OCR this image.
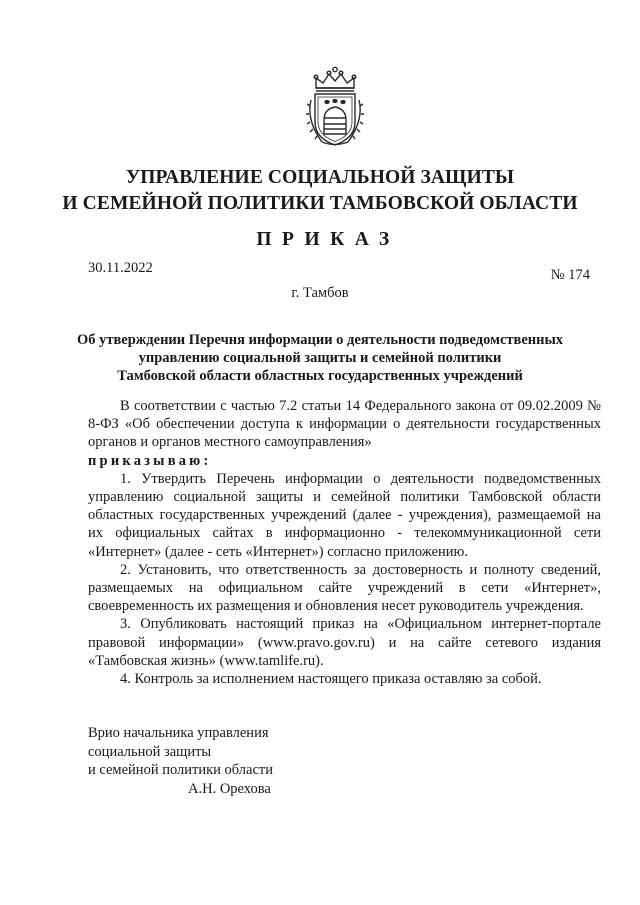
УПРАВЛЕНИЕ СОЦИАЛЬНОЙ ЗАЩИТЫ
И СЕМЕЙНОЙ ПОЛИТИКИ ТАМБОВСКОЙ ОБЛАСТИ
ПРИКАЗ
30.11.2022	№ 174
г. Тамбов
Об утверждении Перечня информации о деятельности подведомственных
управлению социальной защиты и семейной политики
Тамбовской области областных государственных учреждений

В соответствии с частью 7.2 статьи 14 Федерального закона от 09.02.2009 № 8-ФЗ «Об обеспечении доступа к информации о деятельности государственных органов и органов местного самоуправления»

приказываю:

1. Утвердить Перечень информации о деятельности подведомственных управлению социальной защиты и семейной политики Тамбовской области областных государственных учреждений (далее - учреждения), размещаемой на их официальных сайтах в информационно - телекоммуникационной сети «Интернет» (далее - сеть «Интернет») согласно приложению.

2. Установить, что ответственность за достоверность и полноту сведений, размещаемых на официальном сайте учреждений в сети «Интернет», своевременность их размещения и обновления несет руководитель учреждения.

3. Опубликовать настоящий приказ на «Официальном интернет-портале правовой информации» (www.pravo.gov.ru) и на сайте сетевого издания «Тамбовская жизнь» (www.tamlife.ru).

4. Контроль за исполнением настоящего приказа оставляю за собой.

Врио начальника управления
социальной защиты
и семейной политики области
А.Н. Орехова
